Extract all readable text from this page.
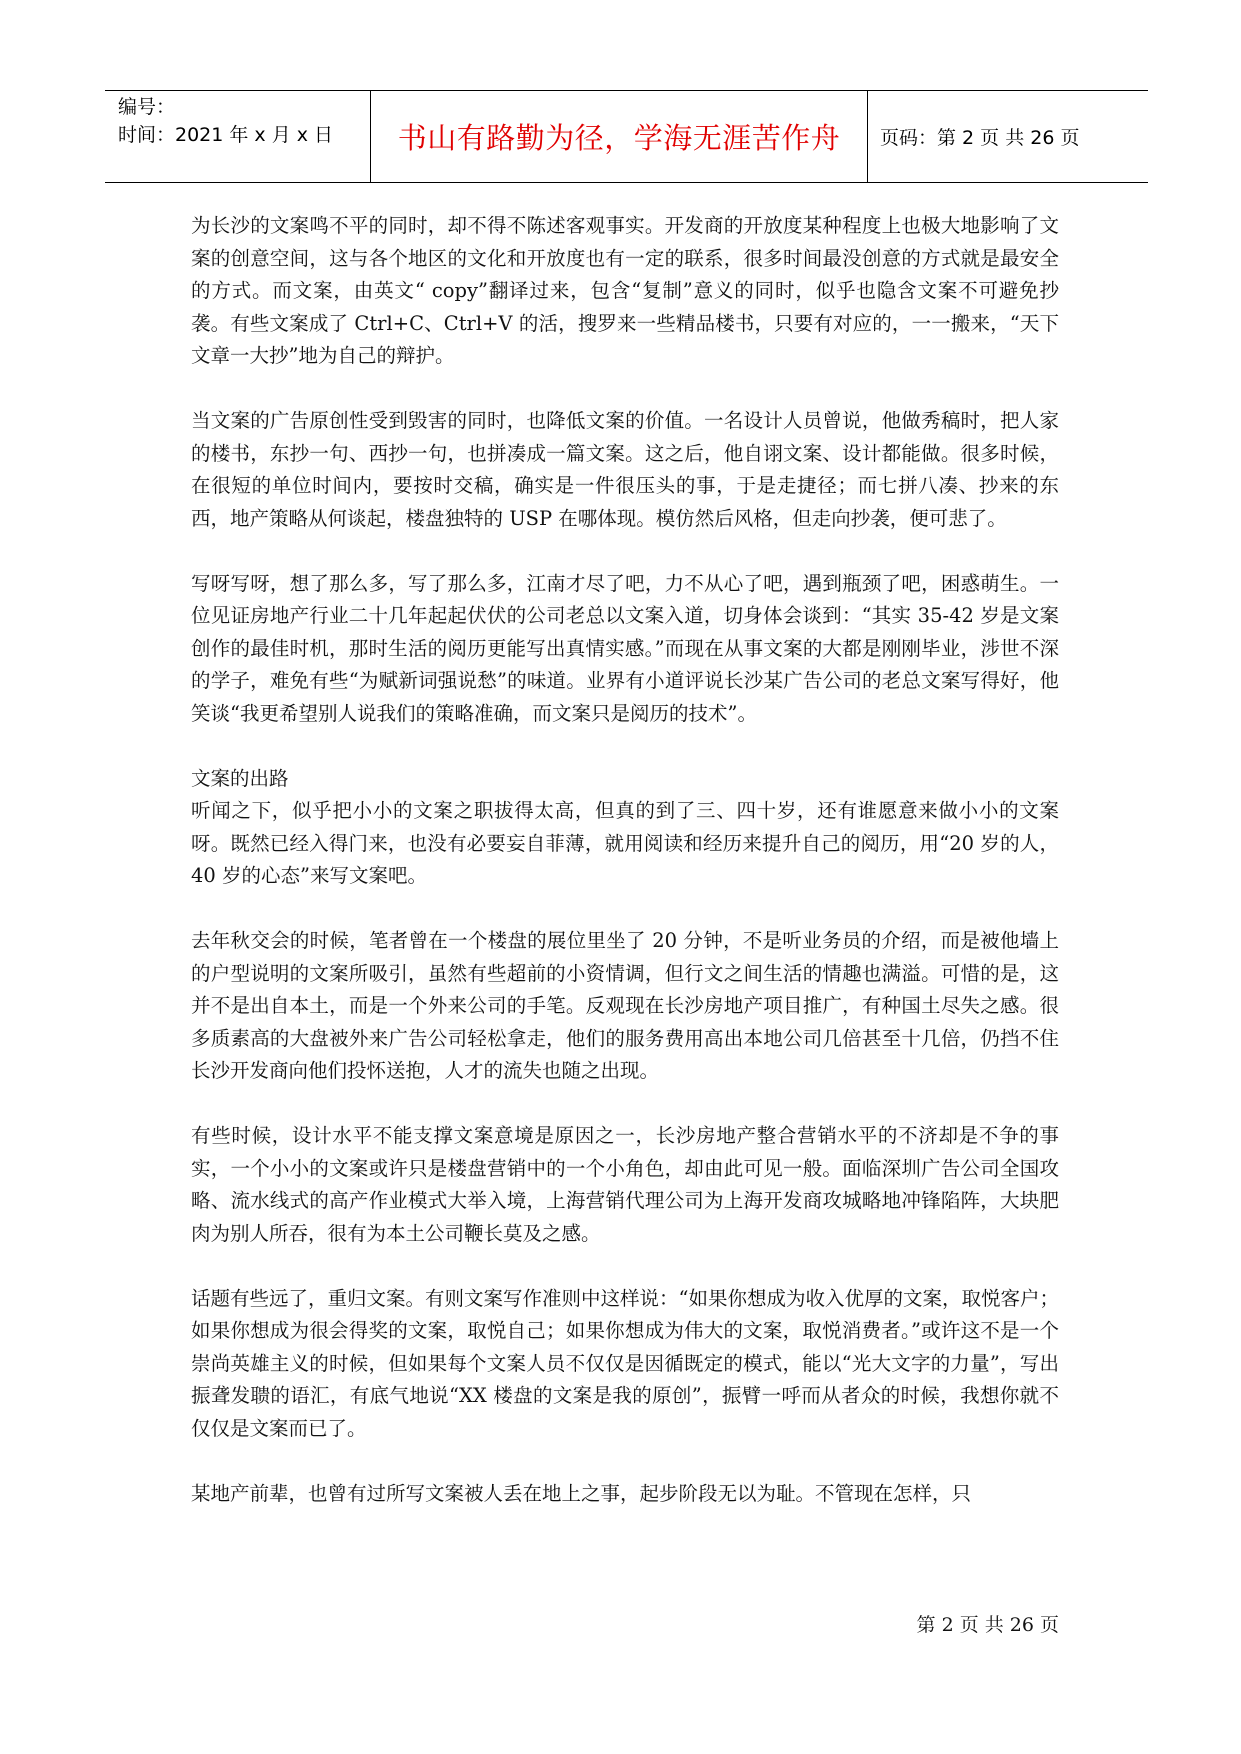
编号：
时间：2021 年 x 月 x 日	书山有路勤为径，学海无涯苦作舟	页码：第 2 页 共 26 页

为长沙的文案鸣不平的同时，却不得不陈述客观事实。开发商的开放度某种程度上也极大地影响了文案的创意空间，这与各个地区的文化和开放度也有一定的联系，很多时间最没创意的方式就是最安全的方式。而文案，由英文“ copy”翻译过来，包含“复制”意义的同时，似乎也隐含文案不可避免抄袭。有些文案成了 Ctrl+C、Ctrl+V 的活，搜罗来一些精品楼书，只要有对应的，一一搬来，“天下文章一大抄”地为自己的辩护。

当文案的广告原创性受到毁害的同时，也降低文案的价值。一名设计人员曾说，他做秀稿时，把人家的楼书，东抄一句、西抄一句，也拼凑成一篇文案。这之后，他自诩文案、设计都能做。很多时候，在很短的单位时间内，要按时交稿，确实是一件很压头的事，于是走捷径；而七拼八凑、抄来的东西，地产策略从何谈起，楼盘独特的 USP 在哪体现。模仿然后风格，但走向抄袭，便可悲了。

写呀写呀，想了那么多，写了那么多，江南才尽了吧，力不从心了吧，遇到瓶颈了吧，困惑萌生。一位见证房地产行业二十几年起起伏伏的公司老总以文案入道，切身体会谈到：“其实 35-42 岁是文案创作的最佳时机，那时生活的阅历更能写出真情实感。”而现在从事文案的大都是刚刚毕业，涉世不深的学子，难免有些“为赋新词强说愁”的味道。业界有小道评说长沙某广告公司的老总文案写得好，他笑谈“我更希望别人说我们的策略准确，而文案只是阅历的技术”。

文案的出路

听闻之下，似乎把小小的文案之职拔得太高，但真的到了三、四十岁，还有谁愿意来做小小的文案呀。既然已经入得门来，也没有必要妄自菲薄，就用阅读和经历来提升自己的阅历，用“20 岁的人，40 岁的心态”来写文案吧。

去年秋交会的时候，笔者曾在一个楼盘的展位里坐了 20 分钟，不是听业务员的介绍，而是被他墙上的户型说明的文案所吸引，虽然有些超前的小资情调，但行文之间生活的情趣也满溢。可惜的是，这并不是出自本土，而是一个外来公司的手笔。反观现在长沙房地产项目推广，有种国土尽失之感。很多质素高的大盘被外来广告公司轻松拿走，他们的服务费用高出本地公司几倍甚至十几倍，仍挡不住长沙开发商向他们投怀送抱，人才的流失也随之出现。

有些时候，设计水平不能支撑文案意境是原因之一，长沙房地产整合营销水平的不济却是不争的事实，一个小小的文案或许只是楼盘营销中的一个小角色，却由此可见一般。面临深圳广告公司全国攻略、流水线式的高产作业模式大举入境，上海营销代理公司为上海开发商攻城略地冲锋陷阵，大块肥肉为别人所吞，很有为本土公司鞭长莫及之感。

话题有些远了，重归文案。有则文案写作准则中这样说：“如果你想成为收入优厚的文案，取悦客户；如果你想成为很会得奖的文案，取悦自己；如果你想成为伟大的文案，取悦消费者。”或许这不是一个崇尚英雄主义的时候，但如果每个文案人员不仅仅是因循既定的模式，能以“光大文字的力量”，写出振聋发聩的语汇，有底气地说“XX 楼盘的文案是我的原创”，振臂一呼而从者众的时候，我想你就不仅仅是文案而已了。

某地产前辈，也曾有过所写文案被人丢在地上之事，起步阶段无以为耻。不管现在怎样，只

第 2 页 共 26 页
